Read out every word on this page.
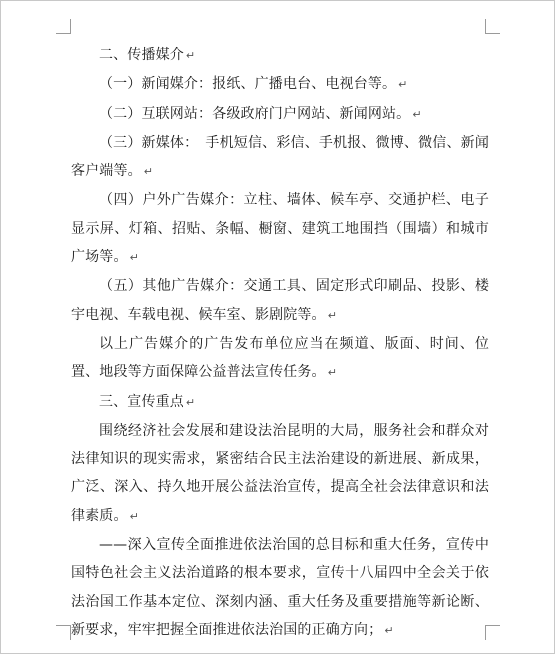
二、传播媒介 ↵

（一）新闻媒介：报纸、广播电台、电视台等。 ↵

（二）互联网站：各级政府门户网站、新闻网站。 ↵

（三）新媒体：　手机短信、彩信、手机报、微博、微信、新闻客户端等。 ↵

（四）户外广告媒介：立柱、墙体、候车亭、交通护栏、电子显示屏、灯箱、招贴、条幅、橱窗、建筑工地围挡（围墙）和城市广场等。 ↵

（五）其他广告媒介：交通工具、固定形式印刷品、投影、楼宇电视、车载电视、候车室、影剧院等。 ↵

以上广告媒介的广告发布单位应当在频道、版面、时间、位置、地段等方面保障公益普法宣传任务。 ↵

三、宣传重点 ↵

围绕经济社会发展和建设法治昆明的大局，服务社会和群众对法律知识的现实需求，紧密结合民主法治建设的新进展、新成果，广泛、深入、持久地开展公益法治宣传，提高全社会法律意识和法律素质。 ↵

——深入宣传全面推进依法治国的总目标和重大任务，宣传中国特色社会主义法治道路的根本要求，宣传十八届四中全会关于依法治国工作基本定位、深刻内涵、重大任务及重要措施等新论断、新要求，牢牢把握全面推进依法治国的正确方向； ↵
